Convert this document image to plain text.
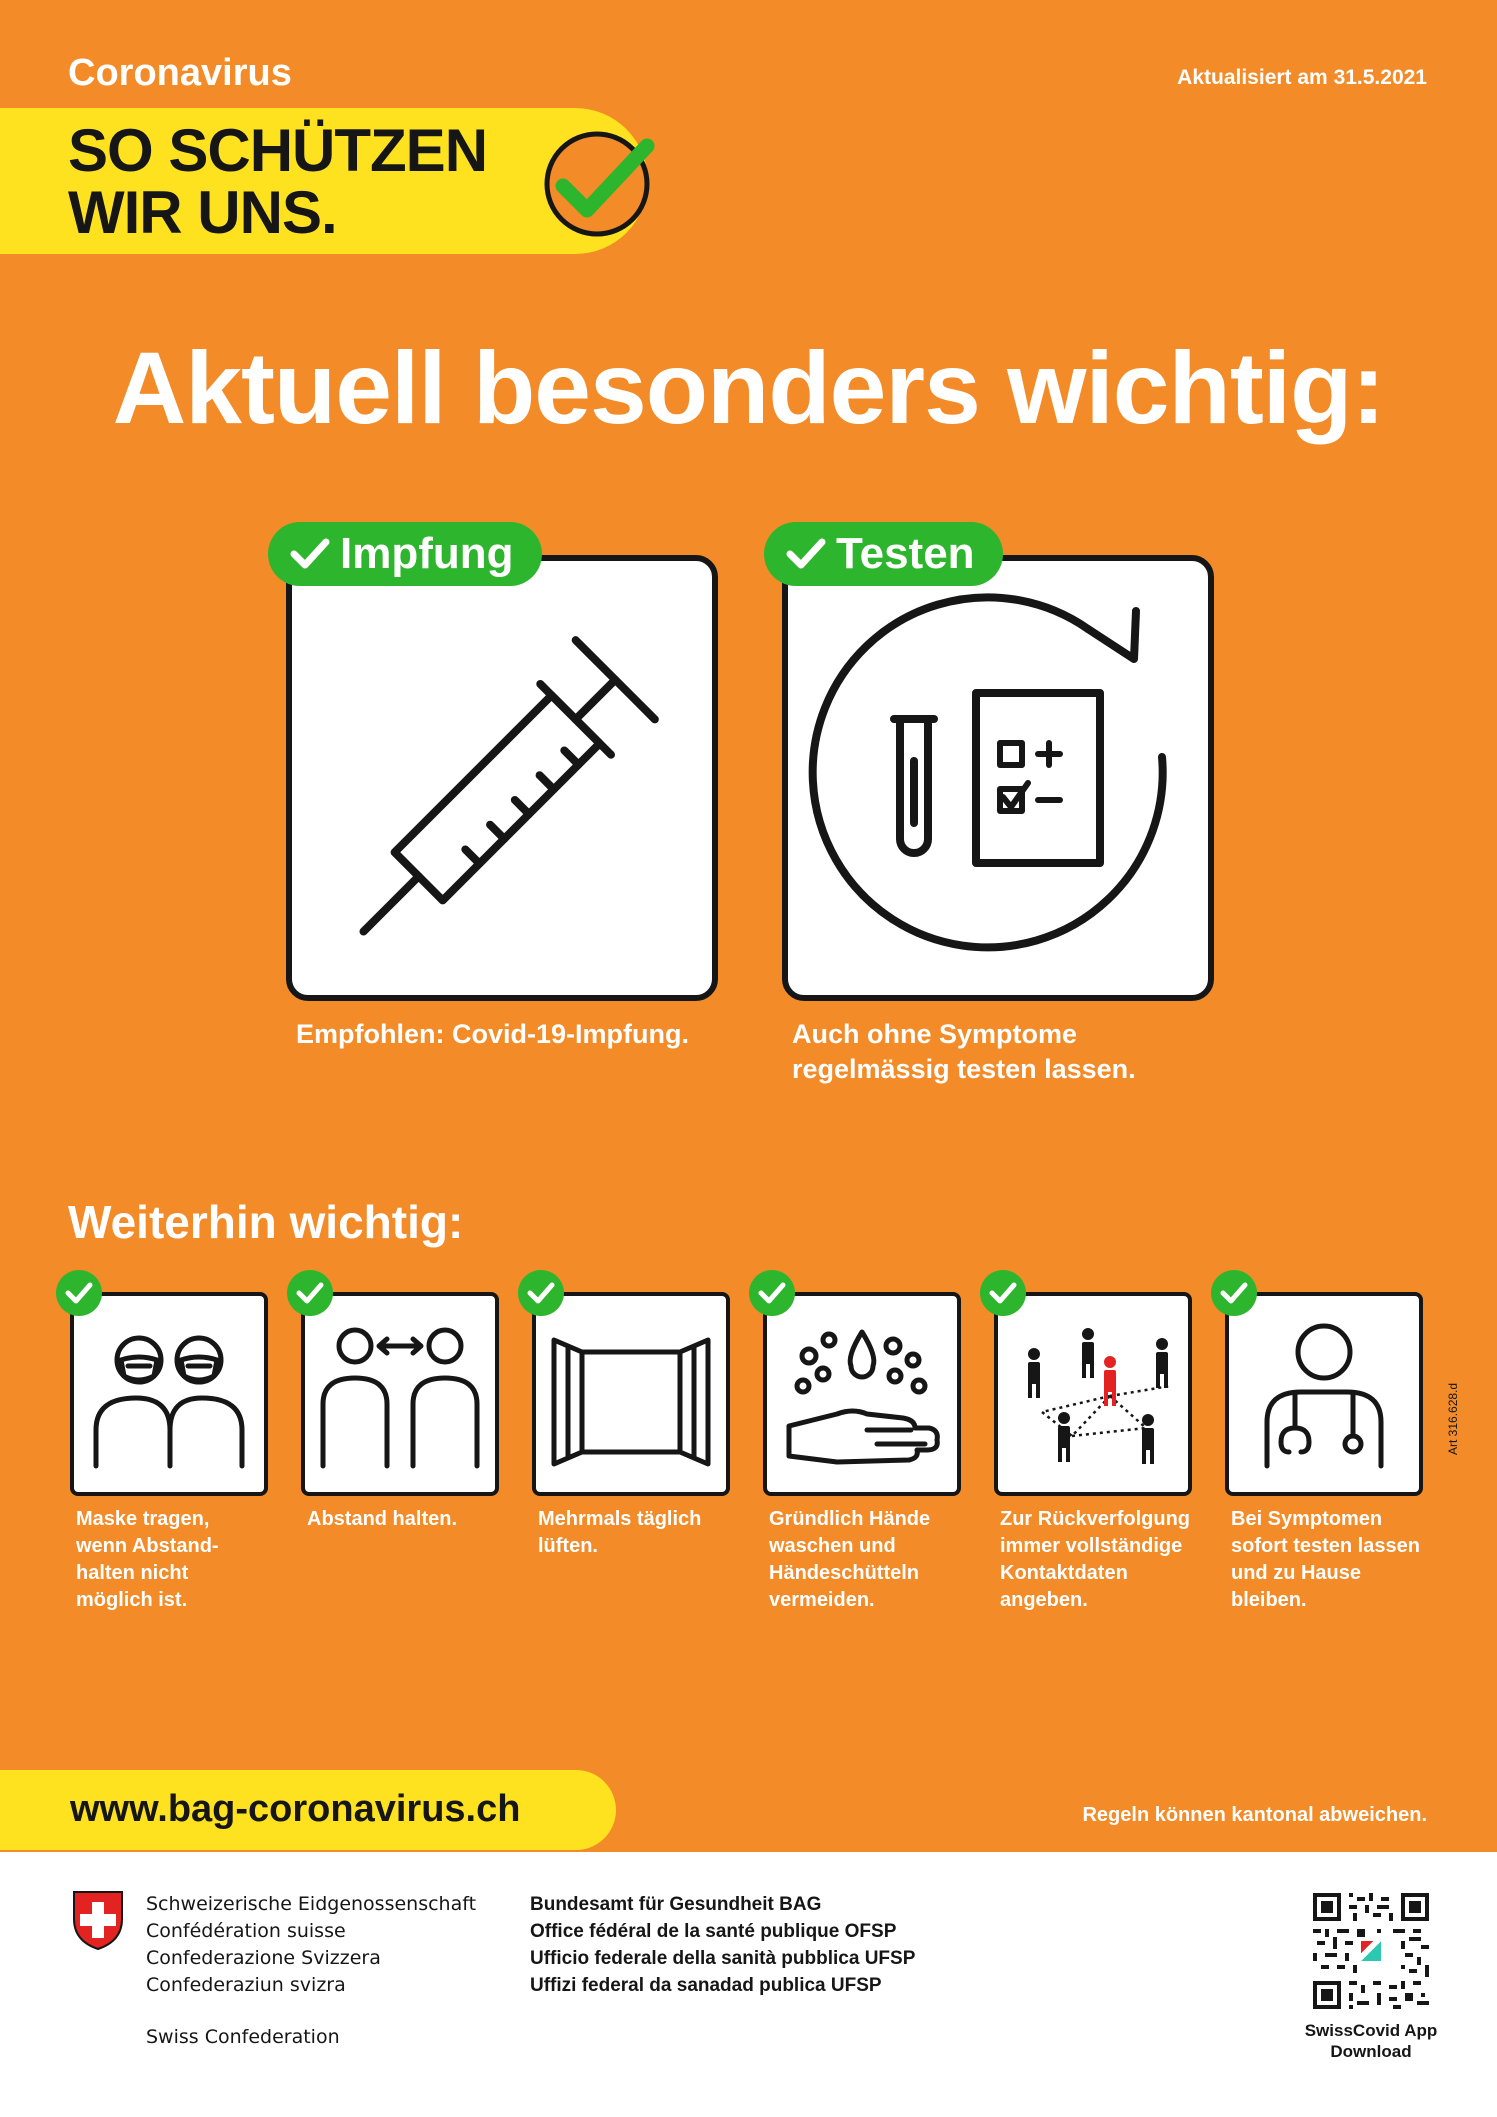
Coronavirus	Aktualisiert am 31.5.2021
SO SCHÜTZEN
WIR UNS.
Aktuell besonders wichtig:
Impfung
Empfohlen: Covid-19-Impfung.
Testen
Auch ohne Symptome
regelmässig testen lassen.
Weiterhin wichtig:
Maske tragen,
wenn Abstand-
halten nicht
möglich ist.
Abstand halten.	Mehrmals täglich
lüften.
Gründlich Hände
waschen und
Händeschütteln
vermeiden.
Zur Rückverfolgung
immer vollständige
Kontaktdaten
angeben.
Bei Symptomen
sofort testen lassen
und zu Hause
bleiben.
Art 316.628.d
www.bag-coronavirus.ch	Regeln können kantonal abweichen.
Schweizerische Eidgenossenschaft
Confédération suisse
Confederazione Svizzera
Confederaziun svizra
Swiss Confederation
Bundesamt für Gesundheit BAG
Office fédéral de la santé publique OFSP
Ufficio federale della sanità pubblica UFSP
Uffizi federal da sanadad publica UFSP
SwissCovid App
Download
